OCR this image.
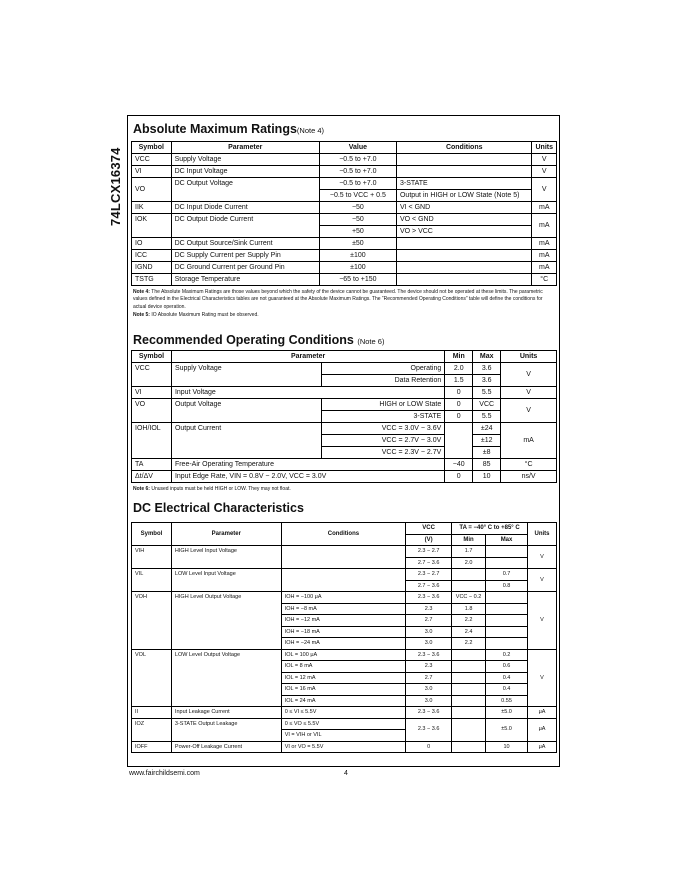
74LCX16374
Absolute Maximum Ratings(Note 4)
Symbol	Parameter	Value	Conditions	Units
VCC	Supply Voltage	−0.5 to +7.0		V
VI	DC Input Voltage	−0.5 to +7.0		V
VO	DC Output Voltage	−0.5 to +7.0	3-STATE	V
		−0.5 to VCC + 0.5	Output in HIGH or LOW State (Note 5)	
IIK	DC Input Diode Current	−50	VI < GND	mA
IOK	DC Output Diode Current	−50	VO < GND	mA
		+50	VO > VCC	
IO	DC Output Source/Sink Current	±50		mA
ICC	DC Supply Current per Supply Pin	±100		mA
IGND	DC Ground Current per Ground Pin	±100		mA
TSTG	Storage Temperature	−65 to +150		°C
Note 4: The Absolute Maximum Ratings are those values beyond which the safety of the device cannot be guaranteed. The device should not be operated at these limits. The parametric values defined in the Electrical Characteristics tables are not guaranteed at the Absolute Maximum Ratings. The “Recommended Operating Conditions” table will define the conditions for actual device operation.
Note 5: IO Absolute Maximum Rating must be observed.
Recommended Operating Conditions (Note 6)
Symbol	Parameter		Min	Max	Units
VCC	Supply Voltage	Operating	2.0	3.6	V
		Data Retention	1.5	3.6	
VI	Input Voltage		0	5.5	V
VO	Output Voltage	HIGH or LOW State	0	VCC	V
		3-STATE	0	5.5	
IOH/IOL	Output Current	VCC = 3.0V − 3.6V		±24	mA
		VCC = 2.7V − 3.0V		±12	
		VCC = 2.3V − 2.7V		±8	
TA	Free-Air Operating Temperature		−40	85	°C
Δt/ΔV	Input Edge Rate, VIN = 0.8V − 2.0V, VCC = 3.0V		0	10	ns/V
Note 6: Unused inputs must be held HIGH or LOW. They may not float.
DC Electrical Characteristics
Symbol	Parameter	Conditions	VCC	TA = −40° C to +85° C		Units
			(V)	Min	Max	
VIH	HIGH Level Input Voltage		2.3 − 2.7	1.7		V
			2.7 − 3.6	2.0		
VIL	LOW Level Input Voltage		2.3 − 2.7		0.7	V
			2.7 − 3.6		0.8	
VOH	HIGH Level Output Voltage	IOH = −100 μA	2.3 − 3.6	VCC − 0.2		V
		IOH = −8 mA	2.3	1.8		
		IOH = −12 mA	2.7	2.2		
		IOH = −18 mA	3.0	2.4		
		IOH = −24 mA	3.0	2.2		
VOL	LOW Level Output Voltage	IOL = 100 μA	2.3 − 3.6		0.2	V
		IOL = 8 mA	2.3		0.6	
		IOL = 12 mA	2.7		0.4	
		IOL = 16 mA	3.0		0.4	
		IOL = 24 mA	3.0		0.55	
II	Input Leakage Current	0 ≤ VI ≤ 5.5V	2.3 − 3.6		±5.0	μA
IOZ	3-STATE Output Leakage	0 ≤ VO ≤ 5.5V	2.3 − 3.6		±5.0	μA
		VI = VIH or VIL				
IOFF	Power-Off Leakage Current	VI or VO = 5.5V	0		10	μA
www.fairchildsemi.com	4
